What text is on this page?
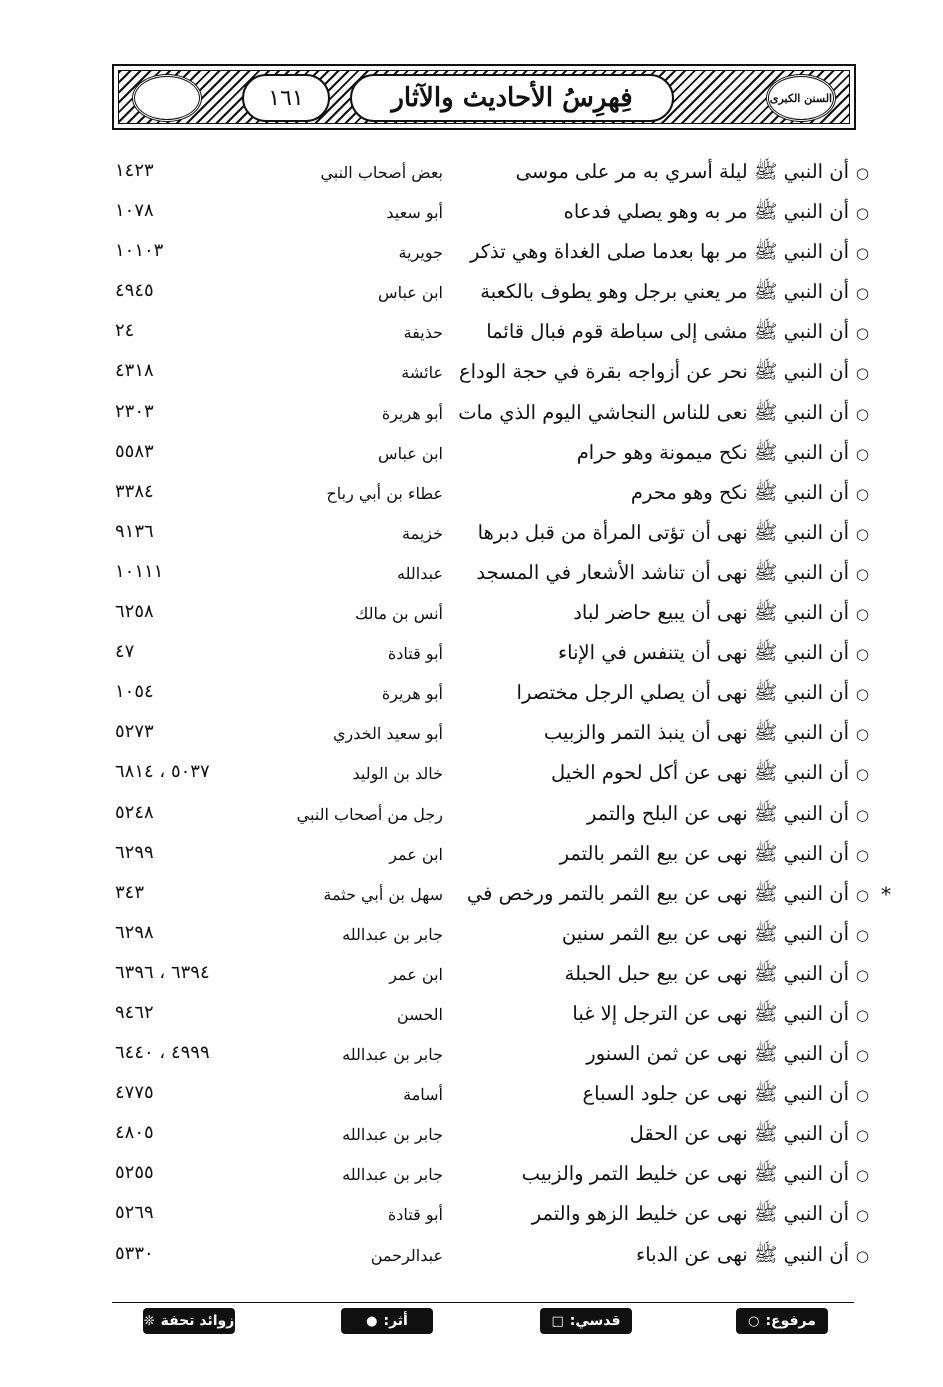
السنن الكبرى
فِهرِسُ الأحاديث والآثار
١٦١
○
أن النبي ﷺ ليلة أسري به مر على موسى
بعض أصحاب النبي
١٤٢٣
○
أن النبي ﷺ مر به وهو يصلي فدعاه
أبو سعيد
١٠٧٨
○
أن النبي ﷺ مر بها بعدما صلى الغداة وهي تذكر
جويرية
١٠١٠٣
○
أن النبي ﷺ مر يعني برجل وهو يطوف بالكعبة
ابن عباس
٤٩٤٥
○
أن النبي ﷺ مشى إلى سباطة قوم فبال قائما
حذيفة
٢٤
○
أن النبي ﷺ نحر عن أزواجه بقرة في حجة الوداع
عائشة
٤٣١٨
○
أن النبي ﷺ نعى للناس النجاشي اليوم الذي مات
أبو هريرة
٢٣٠٣
○
أن النبي ﷺ نكح ميمونة وهو حرام
ابن عباس
٥٥٨٣
○
أن النبي ﷺ نكح وهو محرم
عطاء بن أبي رباح
٣٣٨٤
○
أن النبي ﷺ نهى أن تؤتى المرأة من قبل دبرها
خزيمة
٩١٣٦
○
أن النبي ﷺ نهى أن تناشد الأشعار في المسجد
عبدالله
١٠١١١
○
أن النبي ﷺ نهى أن يبيع حاضر لباد
أنس بن مالك
٦٢٥٨
○
أن النبي ﷺ نهى أن يتنفس في الإناء
أبو قتادة
٤٧
○
أن النبي ﷺ نهى أن يصلي الرجل مختصرا
أبو هريرة
١٠٥٤
○
أن النبي ﷺ نهى أن ينبذ التمر والزبيب
أبو سعيد الخدري
٥٢٧٣
○
أن النبي ﷺ نهى عن أكل لحوم الخيل
خالد بن الوليد
٥٠٣٧ ، ٦٨١٤
○
أن النبي ﷺ نهى عن البلح والتمر
رجل من أصحاب النبي
٥٢٤٨
○
أن النبي ﷺ نهى عن بيع الثمر بالتمر
ابن عمر
٦٢٩٩
*
○
أن النبي ﷺ نهى عن بيع الثمر بالتمر ورخص في
سهل بن أبي حثمة
٣٤٣
○
أن النبي ﷺ نهى عن بيع الثمر سنين
جابر بن عبدالله
٦٢٩٨
○
أن النبي ﷺ نهى عن بيع حبل الحبلة
ابن عمر
٦٣٩٤ ، ٦٣٩٦
○
أن النبي ﷺ نهى عن الترجل إلا غبا
الحسن
٩٤٦٢
○
أن النبي ﷺ نهى عن ثمن السنور
جابر بن عبدالله
٤٩٩٩ ، ٦٤٤٠
○
أن النبي ﷺ نهى عن جلود السباع
أسامة
٤٧٧٥
○
أن النبي ﷺ نهى عن الحقل
جابر بن عبدالله
٤٨٠٥
○
أن النبي ﷺ نهى عن خليط التمر والزبيب
جابر بن عبدالله
٥٢٥٥
○
أن النبي ﷺ نهى عن خليط الزهو والتمر
أبو قتادة
٥٢٦٩
○
أن النبي ﷺ نهى عن الدباء
عبدالرحمن
٥٣٣٠
مرفوع:
○
قدسي:
□
أثر:
●
زوائد تحفة
❊
